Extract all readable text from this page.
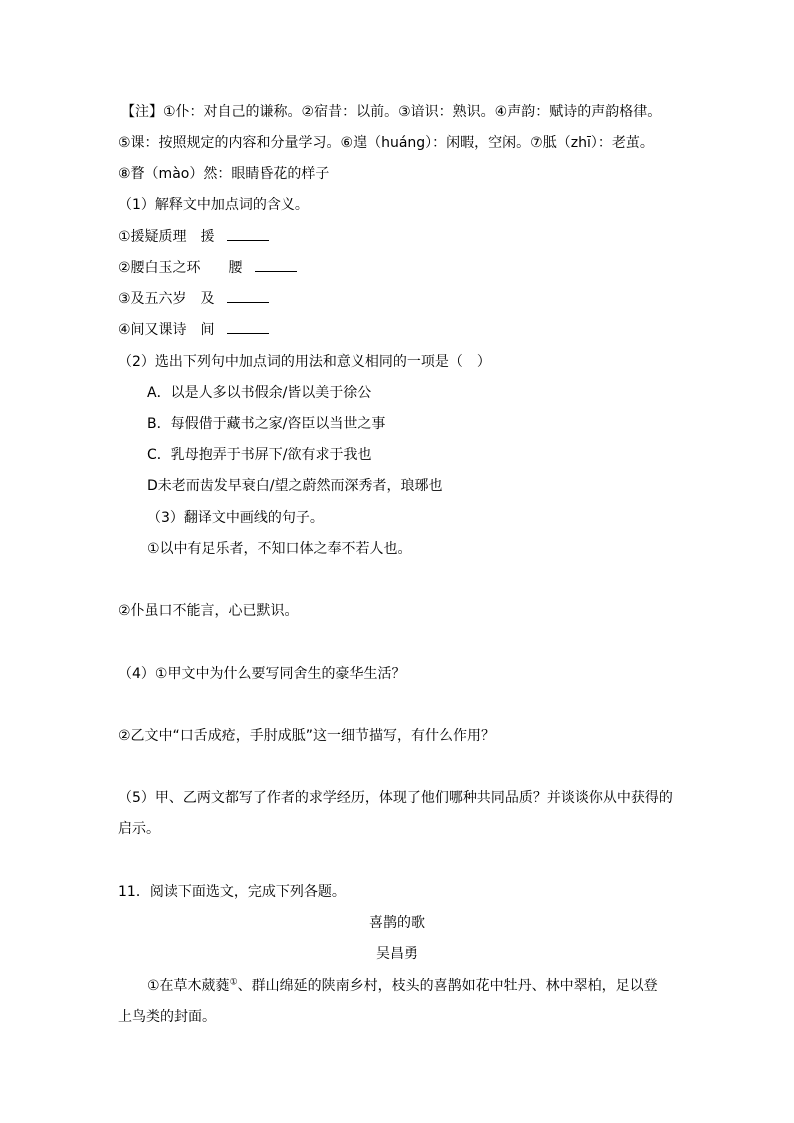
【注】①仆：对自己的谦称。②宿昔：以前。③谙识：熟识。④声韵：赋诗的声韵格律。
⑤课：按照规定的内容和分量学习。⑥遑（huáng）：闲暇，空闲。⑦胝（zhī）：老茧。
⑧瞀（mào）然：眼睛昏花的样子
（1）解释文中加点词的含义。
①援疑质理　援
②腰白玉之环　　腰
③及五六岁　及
④间又课诗　间
（2）选出下列句中加点词的用法和意义相同的一项是（　）
A．以是人多以书假余/皆以美于徐公
B．每假借于藏书之家/咨臣以当世之事
C．乳母抱弄于书屏下/欲有求于我也
D未老而齿发早衰白/望之蔚然而深秀者，琅琊也
（3）翻译文中画线的句子。
①以中有足乐者，不知口体之奉不若人也。
②仆虽口不能言，心已默识。
（4）①甲文中为什么要写同舍生的豪华生活？
②乙文中“口舌成疮，手肘成胝”这一细节描写，有什么作用？
（5）甲、乙两文都写了作者的求学经历，体现了他们哪种共同品质？并谈谈你从中获得的
启示。
11．阅读下面选文，完成下列各题。
喜鹊的歌
吴昌勇
①在草木葳蕤①、群山绵延的陕南乡村，枝头的喜鹊如花中牡丹、林中翠柏，足以登
上鸟类的封面。
